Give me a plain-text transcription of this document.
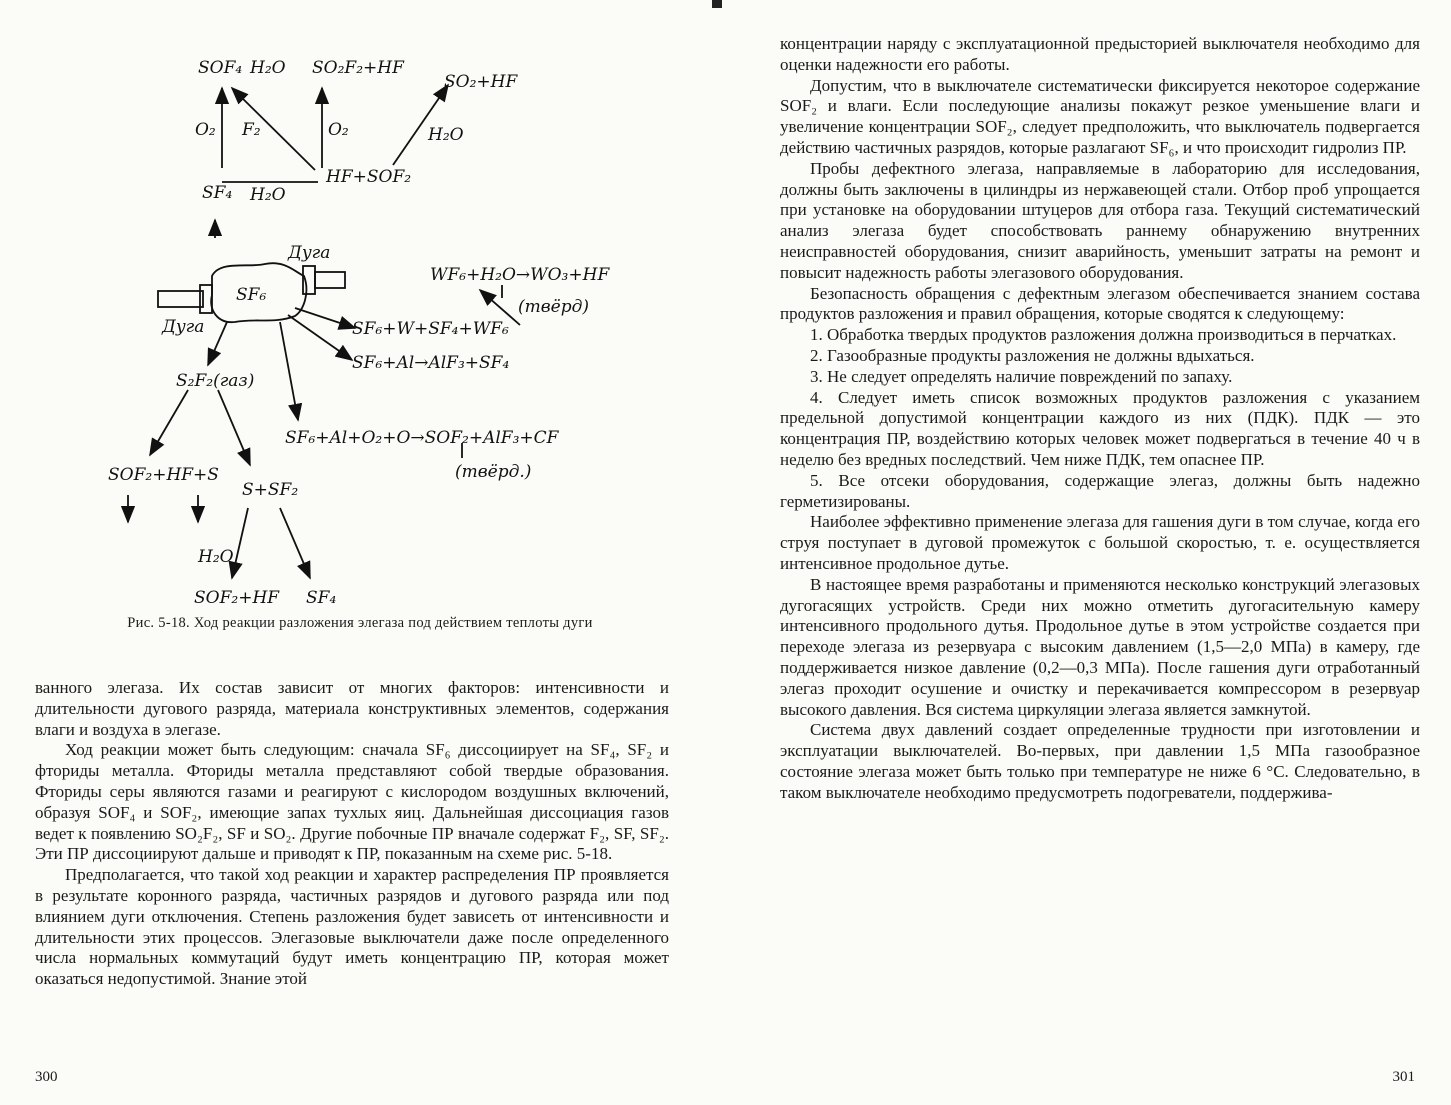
SOF₄ H₂O SO₂F₂+HF
SO₂+HF
O₂ F₂	O₂	H₂O
SF₄ H₂O
HF+SOF₂
Дуга
Дуга
SF₆
WF₆+H₂O→WO₃+HF
(твёрд)
SF₆+W+SF₄+WF₆
SF₆+Al→AlF₃+SF₄
S₂F₂(газ)
SF₆+Al+O₂+O→SOF₂+AlF₃+CF
(твёрд.)
SOF₂+HF+S
S+SF₂
H₂O
SOF₂+HF SF₄
Рис. 5-18. Ход реакции разложения элегаза под действием теплоты дуги

ванного элегаза. Их состав зависит от многих факторов: интенсивности и длительности дугового разряда, материала конструктивных элементов, содержания влаги и воздуха в элегазе.

Ход реакции может быть следующим: сначала SF₆ диссоциирует на SF₄, SF₂ и фториды металла. Фториды металла представляют собой твердые образования. Фториды серы являются газами и реагируют с кислородом воздушных включений, образуя SOF₄ и SOF₂, имеющие запах тухлых яиц. Дальнейшая диссоциация газов ведет к появлению SO₂F₂, SF и SO₂. Другие побочные ПР вначале содержат F₂, SF, SF₂. Эти ПР диссоциируют дальше и приводят к ПР, показанным на схеме рис. 5-18.

Предполагается, что такой ход реакции и характер распределения ПР проявляется в результате коронного разряда, частичных разрядов и дугового разряда или под влиянием дуги отключения. Степень разложения будет зависеть от интенсивности и длительности этих процессов. Элегазовые выключатели даже после определенного числа нормальных коммутаций будут иметь концентрацию ПР, которая может оказаться недопустимой. Знание этой

300

концентрации наряду с эксплуатационной предысторией выключателя необходимо для оценки надежности его работы.

Допустим, что в выключателе систематически фиксируется некоторое содержание SOF₂ и влаги. Если последующие анализы покажут резкое уменьшение влаги и увеличение концентрации SOF₂, следует предположить, что выключатель подвергается действию частичных разрядов, которые разлагают SF₆, и что происходит гидролиз ПР.

Пробы дефектного элегаза, направляемые в лабораторию для исследования, должны быть заключены в цилиндры из нержавеющей стали. Отбор проб упрощается при установке на оборудовании штуцеров для отбора газа. Текущий систематический анализ элегаза будет способствовать раннему обнаружению внутренних неисправностей оборудования, снизит аварийность, уменьшит затраты на ремонт и повысит надежность работы элегазового оборудования.

Безопасность обращения с дефектным элегазом обеспечивается знанием состава продуктов разложения и правил обращения, которые сводятся к следующему:

1. Обработка твердых продуктов разложения должна производиться в перчатках.

2. Газообразные продукты разложения не должны вдыхаться.

3. Не следует определять наличие повреждений по запаху.

4. Следует иметь список возможных продуктов разложения с указанием предельной допустимой концентрации каждого из них (ПДК). ПДК — это концентрация ПР, воздействию которых человек может подвергаться в течение 40 ч в неделю без вредных последствий. Чем ниже ПДК, тем опаснее ПР.

5. Все отсеки оборудования, содержащие элегаз, должны быть надежно герметизированы.

Наиболее эффективно применение элегаза для гашения дуги в том случае, когда его струя поступает в дуговой промежуток с большой скоростью, т. е. осуществляется интенсивное продольное дутье.

В настоящее время разработаны и применяются несколько конструкций элегазовых дугогасящих устройств. Среди них можно отметить дугогасительную камеру интенсивного продольного дутья. Продольное дутье в этом устройстве создается при переходе элегаза из резервуара с высоким давлением (1,5—2,0 МПа) в камеру, где поддерживается низкое давление (0,2—0,3 МПа). После гашения дуги отработанный элегаз проходит осушение и очистку и перекачивается компрессором в резервуар высокого давления. Вся система циркуляции элегаза является замкнутой.

Система двух давлений создает определенные трудности при изготовлении и эксплуатации выключателей. Во-первых, при давлении 1,5 МПа газообразное состояние элегаза может быть только при температуре не ниже 6 °С. Следовательно, в таком выключателе необходимо предусмотреть подогреватели, поддержива-

301
